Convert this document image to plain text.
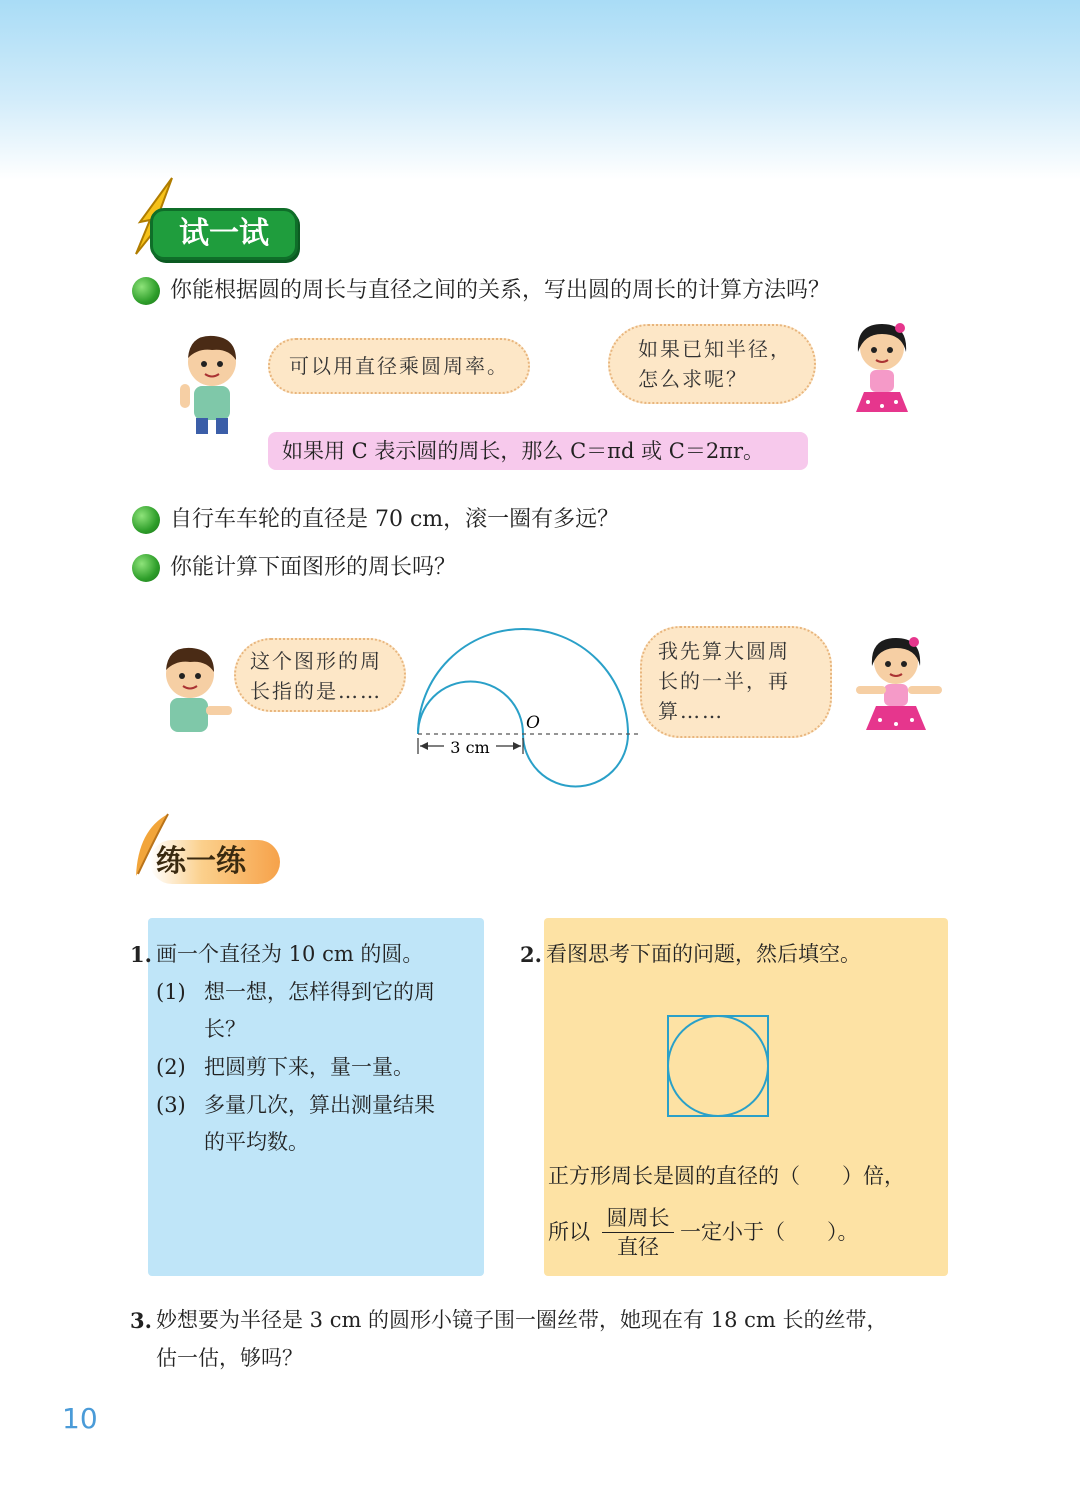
试一试
你能根据圆的周长与直径之间的关系，写出圆的周长的计算方法吗？
可以用直径乘圆周率。
如果已知半径，
怎么求呢？
如果用 C 表示圆的周长，那么 C＝πd 或 C＝2πr。
自行车车轮的直径是 70 cm，滚一圈有多远？
你能计算下面图形的周长吗？
这个图形的周
长指的是……
3 cm
O
我先算大圆周
长的一半，再
算……
练一练
1. 画一个直径为 10 cm 的圆。
(1) 想一想，怎样得到它的周
长？
(2) 把圆剪下来，量一量。
(3) 多量几次，算出测量结果
的平均数。
2. 看图思考下面的问题，然后填空。
正方形周长是圆的直径的（　　）倍，
所以
圆周长
直径
一定小于（　　）。
3. 妙想要为半径是 3 cm 的圆形小镜子围一圈丝带，她现在有 18 cm 长的丝带，
估一估，够吗？
10
